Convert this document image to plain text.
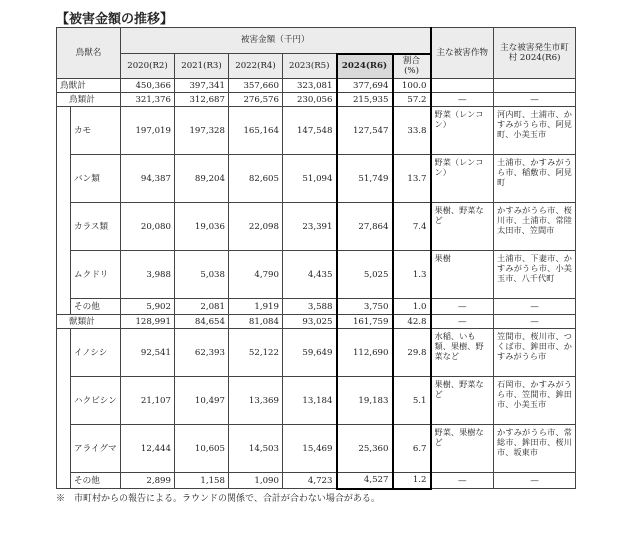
【被害金額の推移】
鳥獣名		被害金額（千円）						主な被害作物	主な被害発生市町村 2024(R6)
		2020(R2)	2021(R3)	2022(R4)	2023(R5)	2024(R6)	割合(%)		
鳥獣計		450,366	397,341	357,660	323,081	377,694	100.0		
鳥類計		321,376	312,687	276,576	230,056	215,935	57.2	—	—
	カモ	197,019	197,328	165,164	147,548	127,547	33.8	野菜（レンコン）	河内町、土浦市、かすみがうら市、阿見町、小美玉市
	バン類	94,387	89,204	82,605	51,094	51,749	13.7	野菜（レンコン）	土浦市、かすみがうら市、稲敷市、阿見町
	カラス類	20,080	19,036	22,098	23,391	27,864	7.4	果樹、野菜など	かすみがうら市、桜川市、土浦市、常陸太田市、笠間市
	ムクドリ	3,988	5,038	4,790	4,435	5,025	1.3	果樹	土浦市、下妻市、かすみがうら市、小美玉市、八千代町
	その他	5,902	2,081	1,919	3,588	3,750	1.0	—	—
獣類計		128,991	84,654	81,084	93,025	161,759	42.8	—	—
	イノシシ	92,541	62,393	52,122	59,649	112,690	29.8	水稲、いも類、果樹、野菜など	笠間市、桜川市、つくば市、鉾田市、かすみがうら市
	ハクビシン	21,107	10,497	13,369	13,184	19,183	5.1	果樹、野菜など	石岡市、かすみがうら市、笠間市、鉾田市、小美玉市
	アライグマ	12,444	10,605	14,503	15,469	25,360	6.7	野菜、果樹など	かすみがうら市、常総市、鉾田市、桜川市、坂東市
	その他	2,899	1,158	1,090	4,723	4,527	1.2	—	—
※　市町村からの報告による。ラウンドの関係で、合計が合わない場合がある。
